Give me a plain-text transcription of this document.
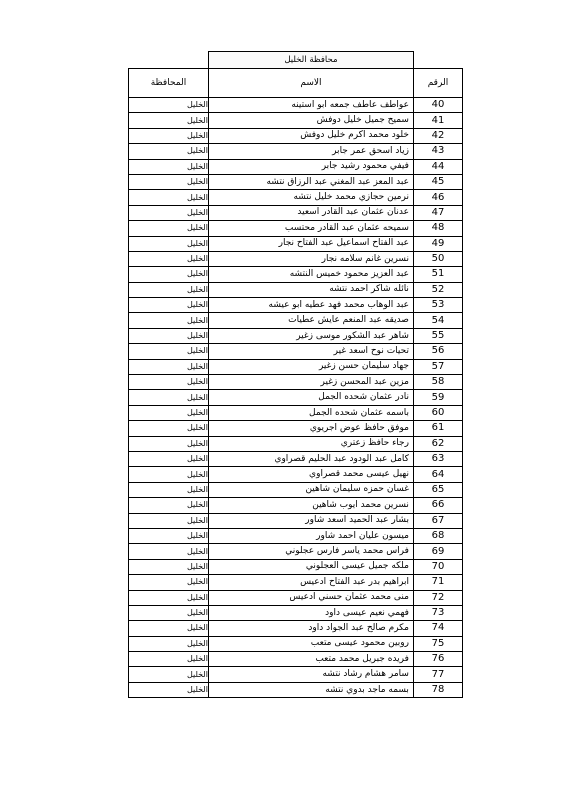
	محافظة الخليل	
المحافظة	الاسم	الرقم
الخليل	عواطف عاطف جمعه ابو استينه	40
الخليل	سميح جميل خليل دوفش	41
الخليل	خلود محمد اكرم خليل دوفش	42
الخليل	زياد اسحق عمر جابر	43
الخليل	فيفي محمود رشيد جابر	44
الخليل	عبد المعز عبد المغني عبد الرزاق نتشه	45
الخليل	نرمين حجازي محمد خليل نتشه	46
الخليل	عدنان عثمان عبد القادر اسعيد	47
الخليل	سميحه عثمان عبد القادر محتسب	48
الخليل	عبد الفتاح اسماعيل عبد الفتاح نجار	49
الخليل	نسرين غانم سلامه نجار	50
الخليل	عبد العزيز محمود خميس النتشه	51
الخليل	نائله شاكر احمد نتشه	52
الخليل	عبد الوهاب محمد فهد عطيه ابو عيشه	53
الخليل	صديقه عبد المنعم عايش عطيات	54
الخليل	شاهر عبد الشكور موسى زغير	55
الخليل	تحيات نوح اسعد غير	56
الخليل	جهاد سليمان حسن زغير	57
الخليل	مزين عبد المحسن زغير	58
الخليل	نادر عثمان شحده الجمل	59
الخليل	باسمه عثمان شحده الجمل	60
الخليل	موفق حافظ عوض اجريوي	61
الخليل	رجاء حافظ زعتري	62
الخليل	كامل عبد الودود عبد الحليم قصراوي	63
الخليل	نهيل عيسى محمد قصراوي	64
الخليل	غسان حمزه سليمان شاهين	65
الخليل	نسرين محمد ايوب شاهين	66
الخليل	بشار عبد الحميد اسعد شاور	67
الخليل	ميسون عليان احمد شاور	68
الخليل	فراس محمد ياسر فارس عجلوني	69
الخليل	ملكه جميل عيسى العجلوني	70
الخليل	ابراهيم بدر عبد الفتاح ادعيس	71
الخليل	منى محمد عثمان حسني ادعيس	72
الخليل	فهمي نعيم عيسى داود	73
الخليل	مكرم صالح عبد الجواد داود	74
الخليل	روبين محمود عيسى متعب	75
الخليل	فريده جبريل محمد متعب	76
الخليل	سامر هشام رشاد نتشه	77
الخليل	بسمه ماجد بدوي نتشه	78
